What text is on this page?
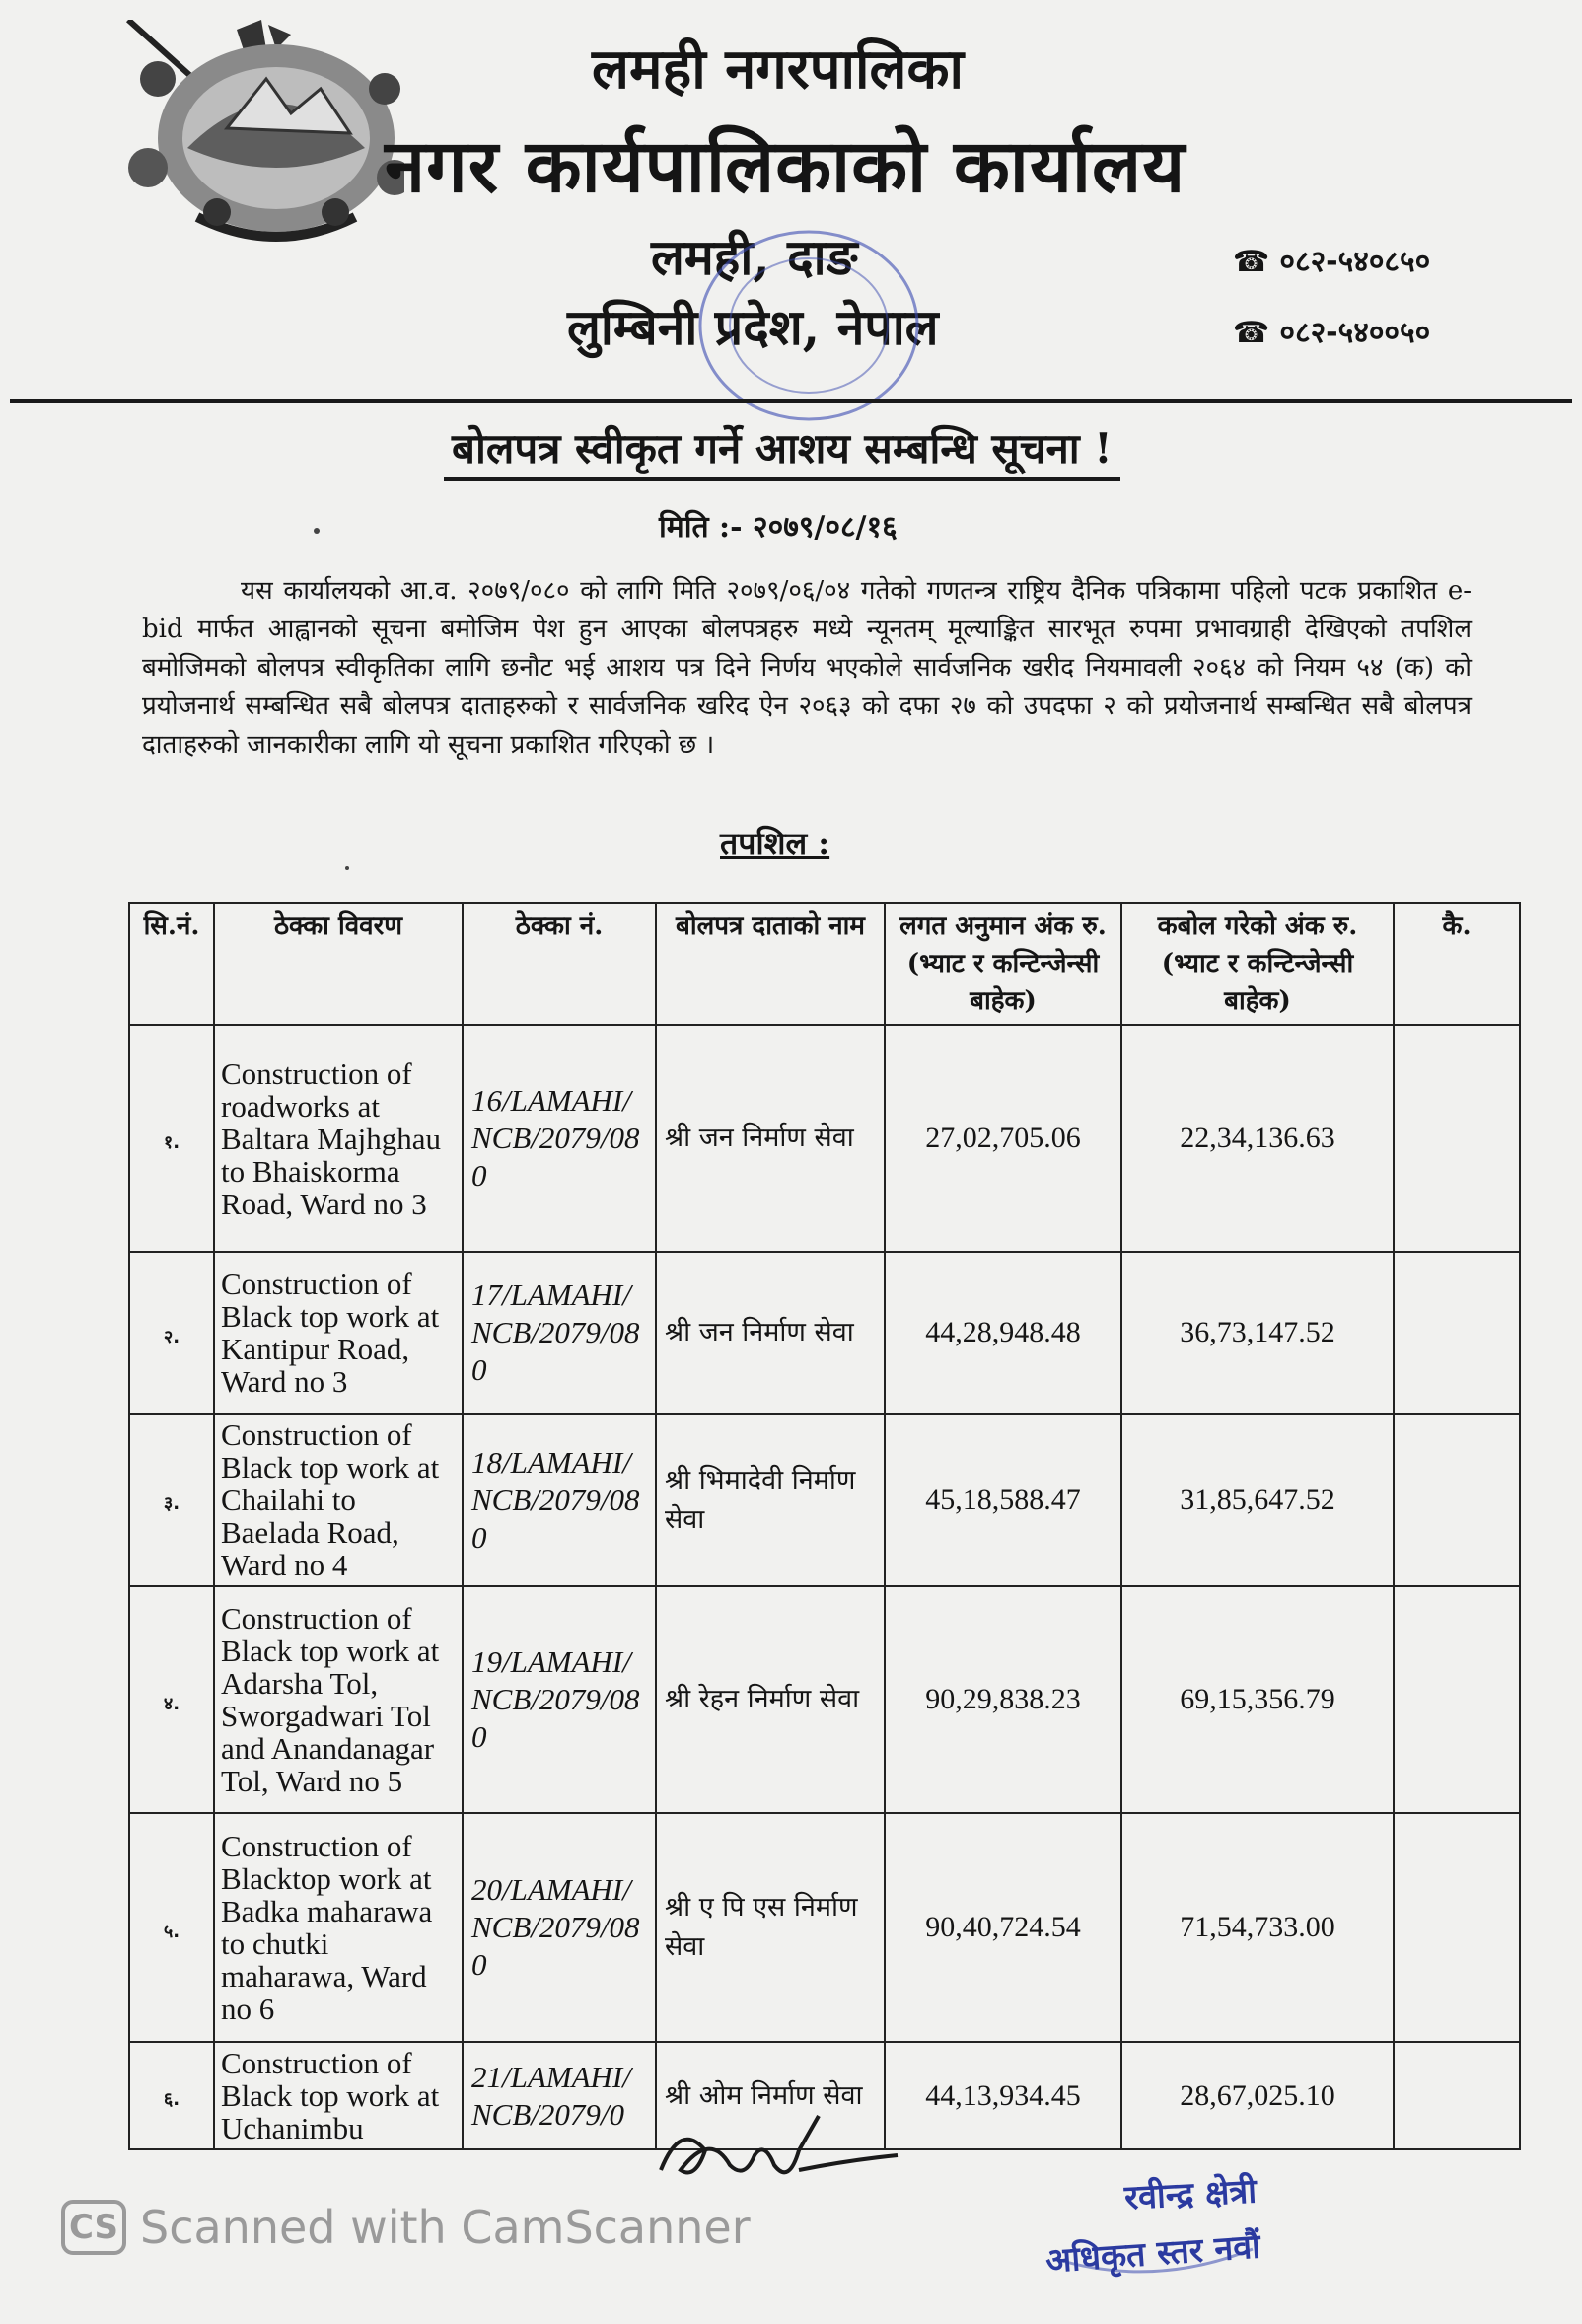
लमही नगरपालिका
नगर कार्यपालिकाको कार्यालय
लमही, दाङ
लुम्बिनी प्रदेश, नेपाल
☎ ०८२-५४०८५०
☎ ०८२-५४००५०
बोलपत्र स्वीकृत गर्ने आशय सम्बन्धि सूचना !
मिति :- २०७९/०८/१६
यस कार्यालयको आ.व. २०७९/०८० को लागि मिति २०७९/०६/०४ गतेको गणतन्त्र राष्ट्रिय दैनिक पत्रिकामा पहिलो पटक प्रकाशित e-bid मार्फत आह्वानको सूचना बमोजिम पेश हुन आएका बोलपत्रहरु मध्ये न्यूनतम् मूल्याङ्कित सारभूत रुपमा प्रभावग्राही देखिएको तपशिल बमोजिमको बोलपत्र स्वीकृतिका लागि छनौट भई आशय पत्र दिने निर्णय भएकोले सार्वजनिक खरीद नियमावली २०६४ को नियम ५४ (क) को प्रयोजनार्थ सम्बन्धित सबै बोलपत्र दाताहरुको र सार्वजनिक खरिद ऐन २०६३ को दफा २७ को उपदफा २ को प्रयोजनार्थ सम्बन्धित सबै बोलपत्र दाताहरुको जानकारीका लागि यो सूचना प्रकाशित गरिएको छ ।
तपशिल :
सि.नं.	ठेक्का विवरण	ठेक्का नं.	बोलपत्र दाताको नाम	लगत अनुमान अंक रु. (भ्याट र कन्टिन्जेन्सी बाहेक)	कबोल गरेको अंक रु. (भ्याट र कन्टिन्जेन्सी बाहेक)	कै.
१.	Construction of roadworks at Baltara Majhghau to Bhaiskorma Road, Ward no 3	16/LAMAHI/NCB/2079/080	श्री जन निर्माण सेवा	27,02,705.06	22,34,136.63	
२.	Construction of Black top work at Kantipur Road, Ward no 3	17/LAMAHI/NCB/2079/080	श्री जन निर्माण सेवा	44,28,948.48	36,73,147.52	
३.	Construction of Black top work at Chailahi to Baelada Road, Ward no 4	18/LAMAHI/NCB/2079/080	श्री भिमादेवी निर्माण सेवा	45,18,588.47	31,85,647.52	
४.	Construction of Black top work at Adarsha Tol, Sworgadwari Tol and Anandanagar Tol, Ward no 5	19/LAMAHI/NCB/2079/080	श्री रेहन निर्माण सेवा	90,29,838.23	69,15,356.79	
५.	Construction of Blacktop work at Badka maharawa to chutki maharawa, Ward no 6	20/LAMAHI/NCB/2079/080	श्री ए पि एस निर्माण सेवा	90,40,724.54	71,54,733.00	
६.	Construction of Black top work at Uchanimbu	21/LAMAHI/NCB/2079/0	श्री ओम निर्माण सेवा	44,13,934.45	28,67,025.10	
रवीन्द्र क्षेत्री
अधिकृत स्तर नवौं
CS Scanned with CamScanner
